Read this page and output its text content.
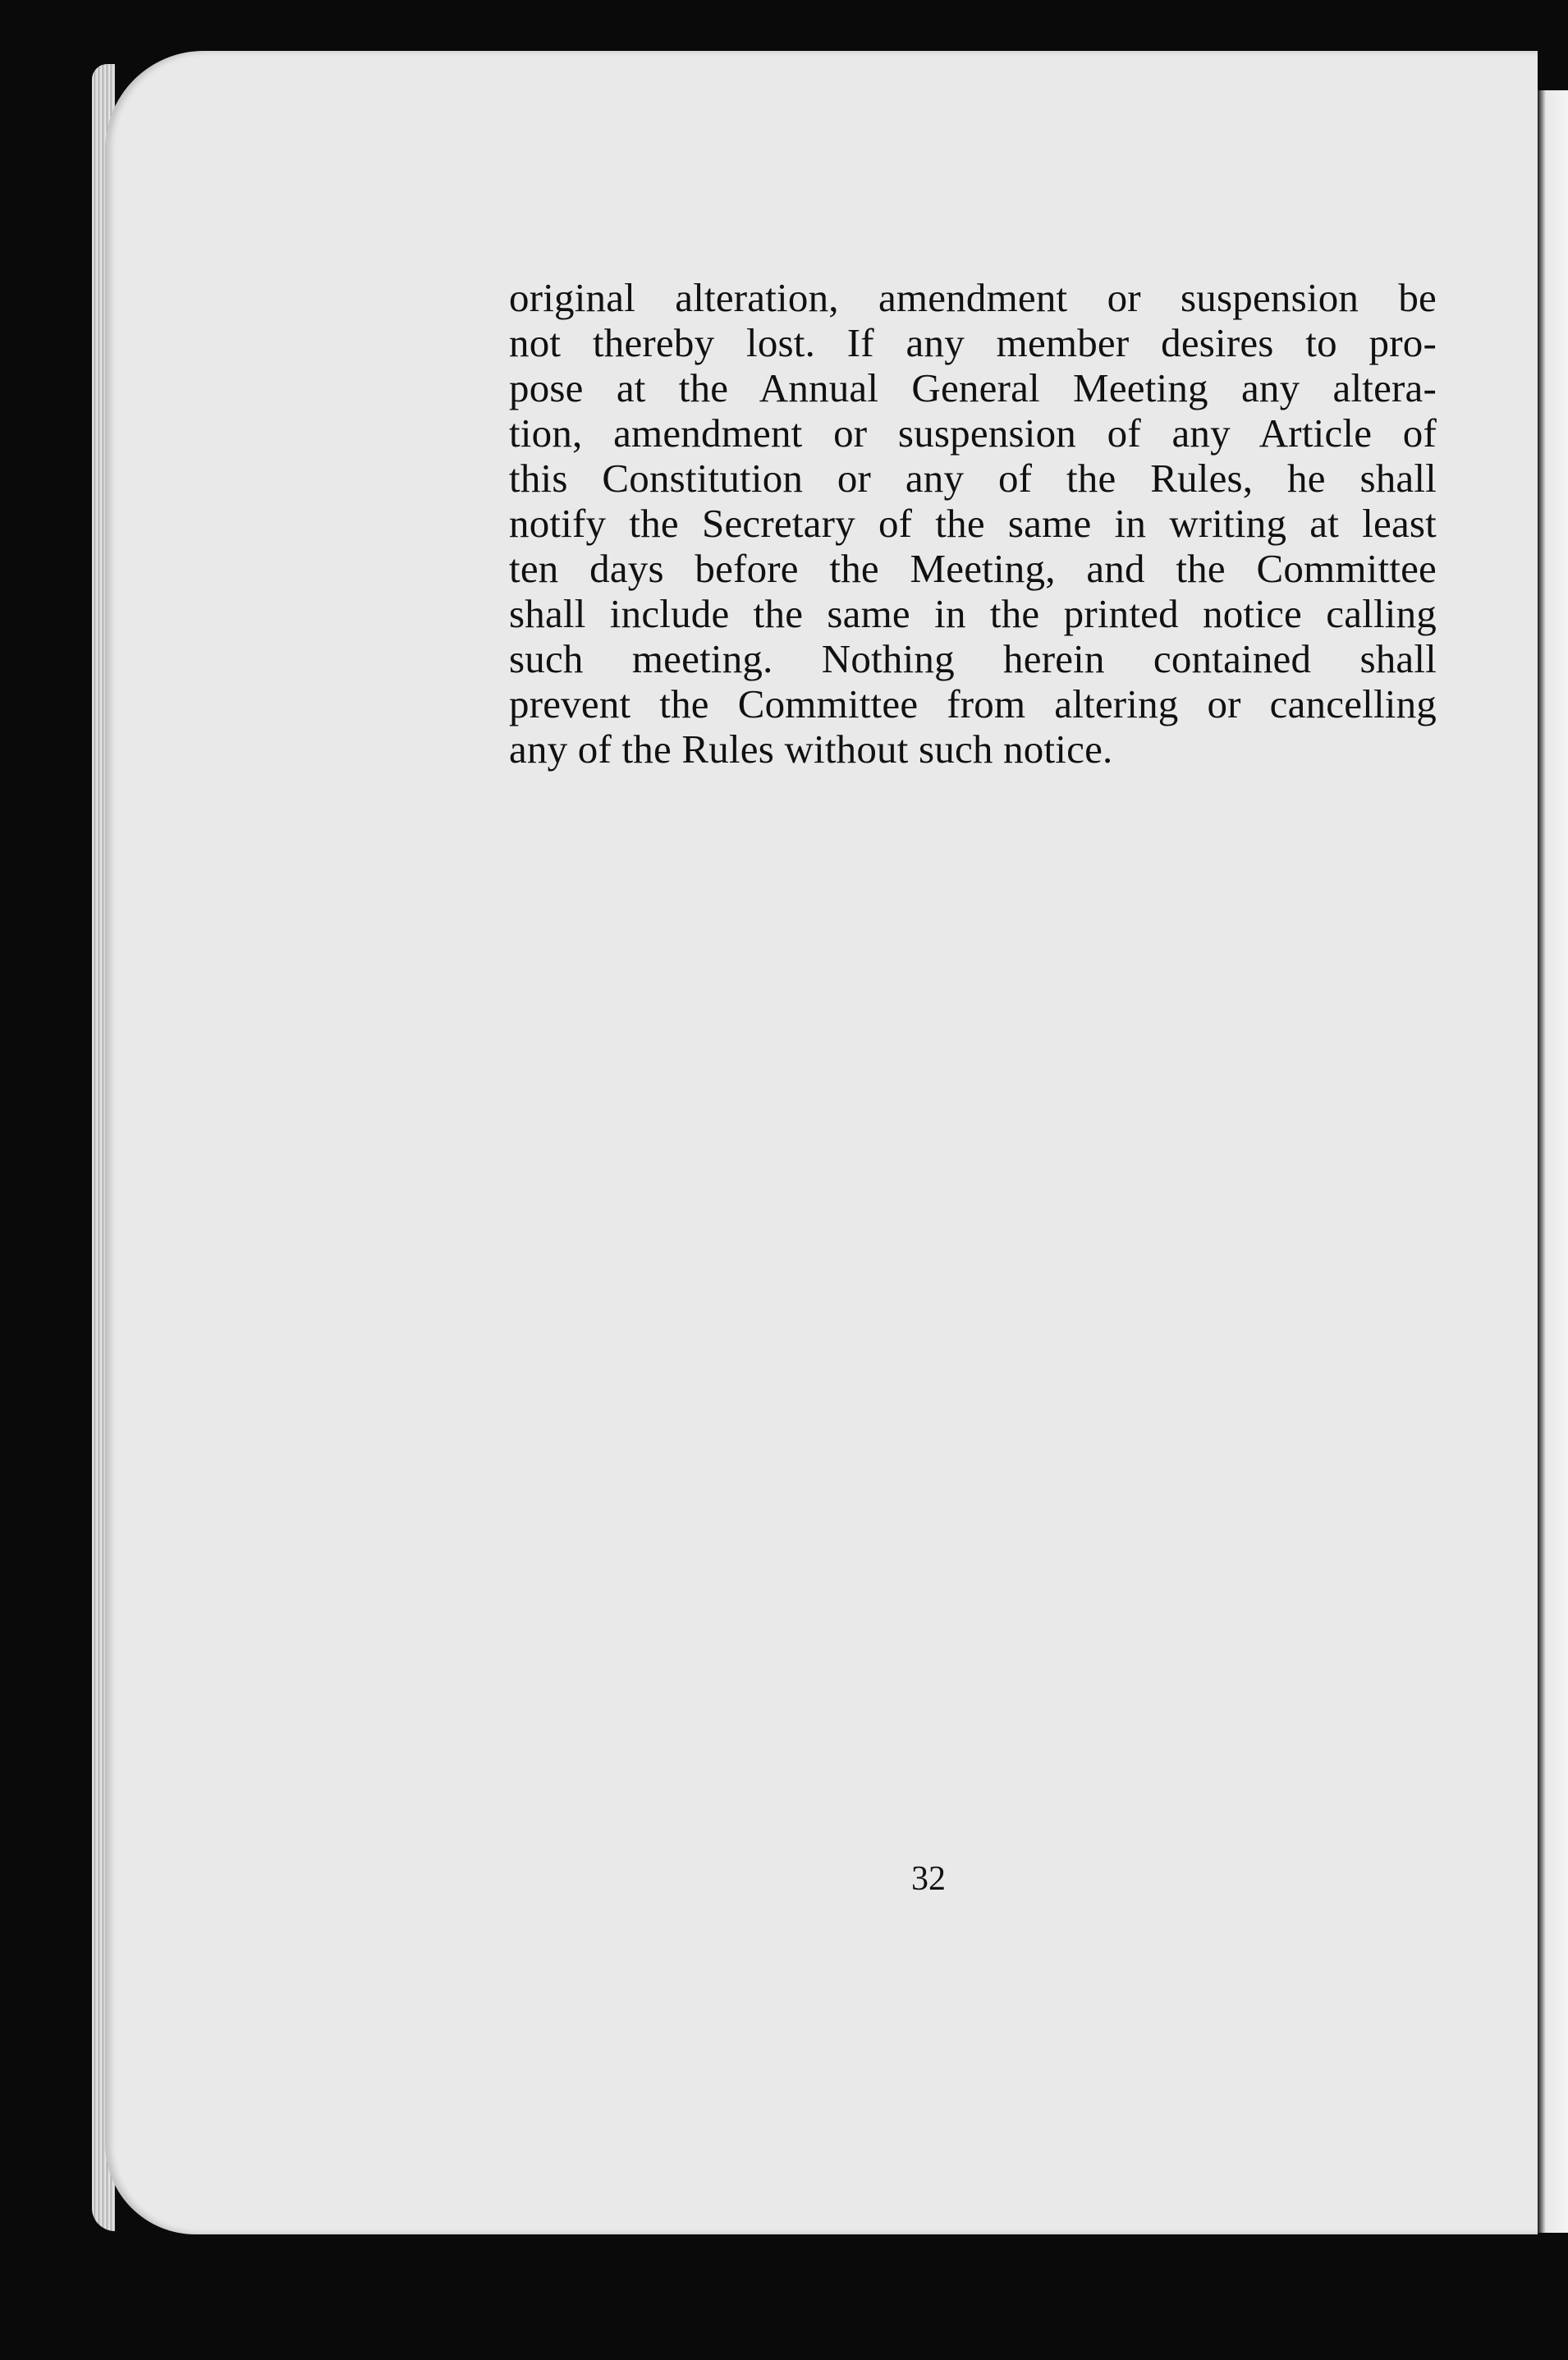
original alteration, amendment or suspension be
not thereby lost. If any member desires to pro-
pose at the Annual General Meeting any altera-
tion, amendment or suspension of any Article of
this Constitution or any of the Rules, he shall
notify the Secretary of the same in writing at least
ten days before the Meeting, and the Committee
shall include the same in the printed notice calling
such meeting. Nothing herein contained shall
prevent the Committee from altering or cancelling
any of the Rules without such notice.
32
